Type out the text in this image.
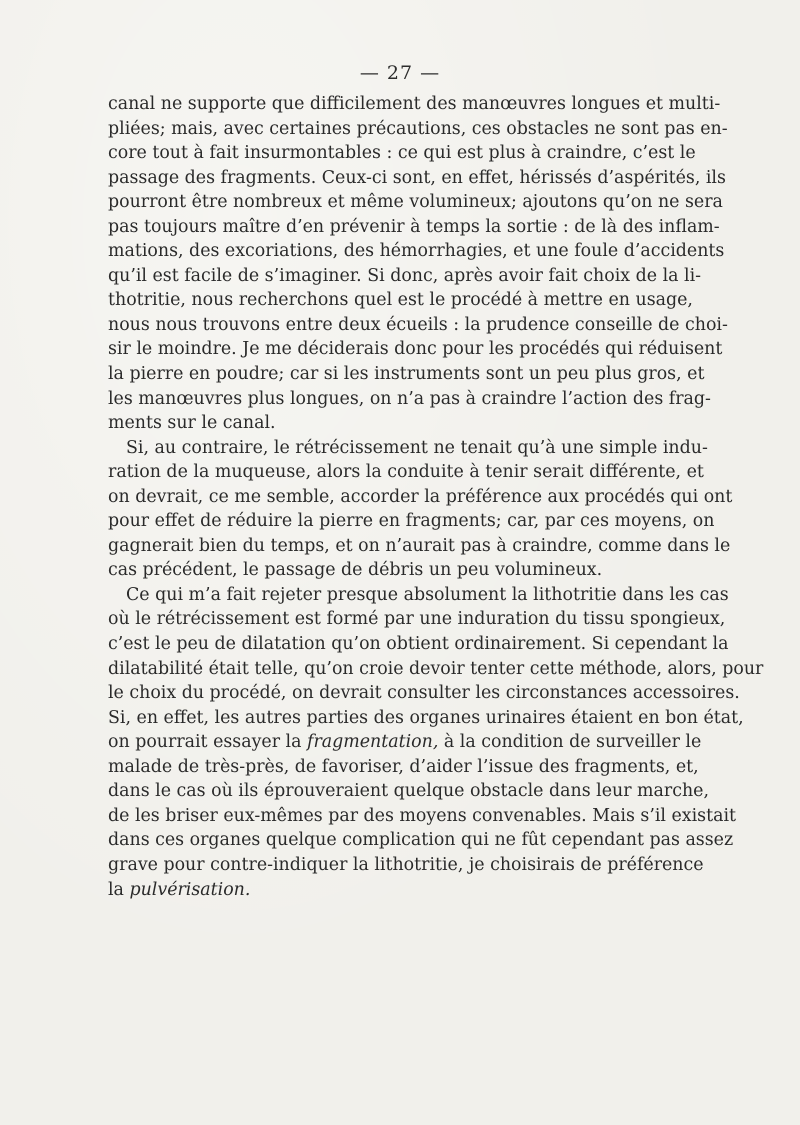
— 27 —
canal ne supporte que difficilement des manœuvres longues et multi-
pliées; mais, avec certaines précautions, ces obstacles ne sont pas en-
core tout à fait insurmontables : ce qui est plus à craindre, c’est le
passage des fragments. Ceux-ci sont, en effet, hérissés d’aspérités, ils
pourront être nombreux et même volumineux; ajoutons qu’on ne sera
pas toujours maître d’en prévenir à temps la sortie : de là des inflam-
mations, des excoriations, des hémorrhagies, et une foule d’accidents
qu’il est facile de s’imaginer. Si donc, après avoir fait choix de la li-
thotritie, nous recherchons quel est le procédé à mettre en usage,
nous nous trouvons entre deux écueils : la prudence conseille de choi-
sir le moindre. Je me déciderais donc pour les procédés qui réduisent
la pierre en poudre; car si les instruments sont un peu plus gros, et
les manœuvres plus longues, on n’a pas à craindre l’action des frag-
ments sur le canal.
Si, au contraire, le rétrécissement ne tenait qu’à une simple indu-
ration de la muqueuse, alors la conduite à tenir serait différente, et
on devrait, ce me semble, accorder la préférence aux procédés qui ont
pour effet de réduire la pierre en fragments; car, par ces moyens, on
gagnerait bien du temps, et on n’aurait pas à craindre, comme dans le
cas précédent, le passage de débris un peu volumineux.
Ce qui m’a fait rejeter presque absolument la lithotritie dans les cas
où le rétrécissement est formé par une induration du tissu spongieux,
c’est le peu de dilatation qu’on obtient ordinairement. Si cependant la
dilatabilité était telle, qu’on croie devoir tenter cette méthode, alors, pour
le choix du procédé, on devrait consulter les circonstances accessoires.
Si, en effet, les autres parties des organes urinaires étaient en bon état,
on pourrait essayer la fragmentation, à la condition de surveiller le
malade de très-près, de favoriser, d’aider l’issue des fragments, et,
dans le cas où ils éprouveraient quelque obstacle dans leur marche,
de les briser eux-mêmes par des moyens convenables. Mais s’il existait
dans ces organes quelque complication qui ne fût cependant pas assez
grave pour contre-indiquer la lithotritie, je choisirais de préférence
la pulvérisation.
